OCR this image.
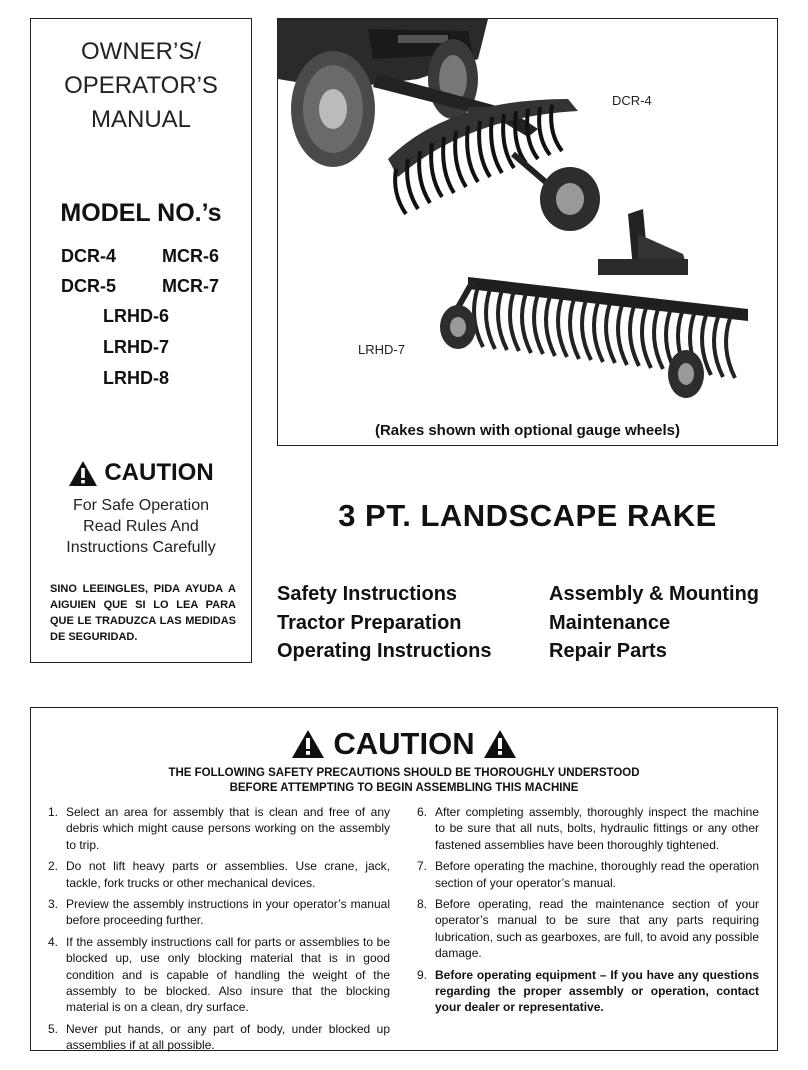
OWNER’S/
OPERATOR’S
MANUAL
MODEL NO.’s
DCR-4	MCR-6
DCR-5	MCR-7
LRHD-6
LRHD-7
LRHD-8
CAUTION
For Safe Operation
Read Rules And
Instructions Carefully
SINO LEEINGLES, PIDA AYUDA A AIGUIEN QUE SI LO LEA PARA QUE LE TRADUZCA LAS MEDIDAS DE SEGURIDAD.
DCR-4
LRHD-7
(Rakes shown with optional gauge wheels)
3 PT. LANDSCAPE RAKE
Safety Instructions
Tractor Preparation
Operating Instructions
Assembly & Mounting
Maintenance
Repair Parts
CAUTION
THE FOLLOWING SAFETY PRECAUTIONS SHOULD BE THOROUGHLY UNDERSTOOD
BEFORE ATTEMPTING TO BEGIN ASSEMBLING THIS MACHINE
1. Select an area for assembly that is clean and free of any debris which might cause persons working on the assembly to trip.
2. Do not lift heavy parts or assemblies. Use crane, jack, tackle, fork trucks or other mechanical devices.
3. Preview the assembly instructions in your operator’s manual before proceeding further.
4. If the assembly instructions call for parts or assemblies to be blocked up, use only blocking material that is in good condition and is capable of handling the weight of the assembly to be blocked. Also insure that the blocking material is on a clean, dry surface.
5. Never put hands, or any part of body, under blocked up assemblies if at all possible.
6. After completing assembly, thoroughly inspect the machine to be sure that all nuts, bolts, hydraulic fittings or any other fastened assemblies have been thoroughly tightened.
7. Before operating the machine, thoroughly read the operation section of your operator’s manual.
8. Before operating, read the maintenance section of your operator’s manual to be sure that any parts requiring lubrication, such as gearboxes, are full, to avoid any possible damage.
9. Before operating equipment – If you have any questions regarding the proper assembly or operation, contact your dealer or representative.
